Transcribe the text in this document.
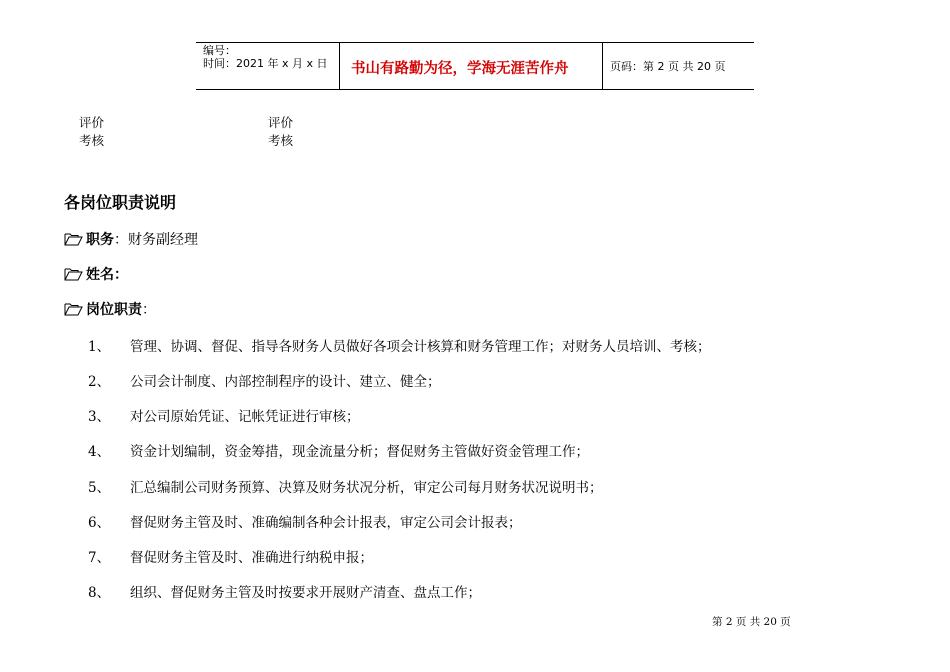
编号：
时间：2021 年 x 月 x 日 书山有路勤为径，学海无涯苦作舟	页码：第 2 页 共 20 页
评价
考核
评价
考核
各岗位职责说明
职务 ：财务副经理
姓名：
岗位职责 ：
1、 管理、协调、督促、指导各财务人员做好各项会计核算和财务管理工作；对财务人员培训、考核；
2、 公司会计制度、内部控制程序的设计、建立、健全；
3、 对公司原始凭证、记帐凭证进行审核；
4、 资金计划编制，资金筹措，现金流量分析；督促财务主管做好资金管理工作；
5、 汇总编制公司财务预算、决算及财务状况分析，审定公司每月财务状况说明书；
6、 督促财务主管及时、准确编制各种会计报表，审定公司会计报表；
7、 督促财务主管及时、准确进行纳税申报；
8、 组织、督促财务主管及时按要求开展财产清查、盘点工作；
第 2 页 共 20 页
